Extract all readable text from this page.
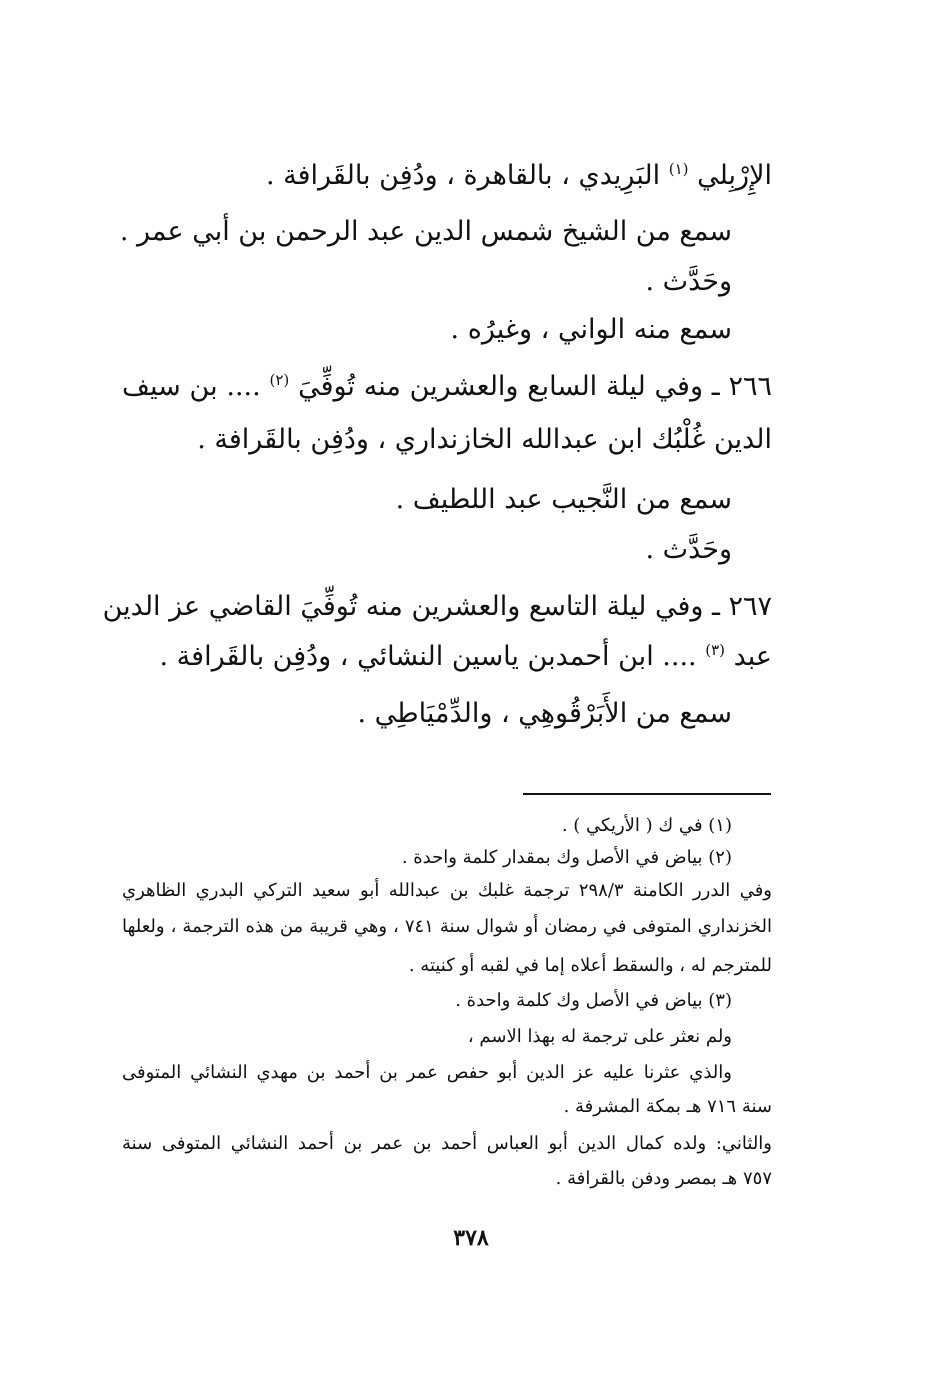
الإِرْبِلي $^{(١)}$ البَرِيدي ، بالقاهرة ، ودُفِن بالقَرافة .
سمع من الشيخ شمس الدين عبد الرحمن بن أبي عمر .
وحَدَّث .
سمع منه الواني ، وغيرُه .
٢٦٦ ـ وفي ليلة السابع والعشرين منه تُوفِّيَ $^{(٢)}$ .... بن سيف
الدين غُلْبُك ابن عبدالله الخازنداري ، ودُفِن بالقَرافة .
سمع من النَّجيب عبد اللطيف .
وحَدَّث .
٢٦٧ ـ وفي ليلة التاسع والعشرين منه تُوفِّيَ القاضي عز الدين
عبد $^{(٣)}$ .... ابن أحمدبن ياسين النشائي ، ودُفِن بالقَرافة .
سمع من الأَبَرْقُوهِي ، والدِّمْيَاطِي .
(١) في ك ( الأريكي ) .
(٢) بياض في الأصل وك بمقدار كلمة واحدة .
وفي الدرر الكامنة ٢٩٨/٣ ترجمة غلبك بن عبدالله أبو سعيد التركي البدري الظاهري
الخزنداري المتوفى في رمضان أو شوال سنة ٧٤١ ، وهي قريبة من هذه الترجمة ، ولعلها
للمترجم له ، والسقط أعلاه إما في لقبه أو كنيته .
(٣) بياض في الأصل وك كلمة واحدة .
ولم نعثر على ترجمة له بهذا الاسم ،
والذي عثرنا عليه عز الدين أبو حفص عمر بن أحمد بن مهدي النشائي المتوفى
سنة ٧١٦ هـ بمكة المشرفة .
والثاني: ولده كمال الدين أبو العباس أحمد بن عمر بن أحمد النشائي المتوفى سنة
٧٥٧ هـ بمصر ودفن بالقرافة .
٣٧٨
